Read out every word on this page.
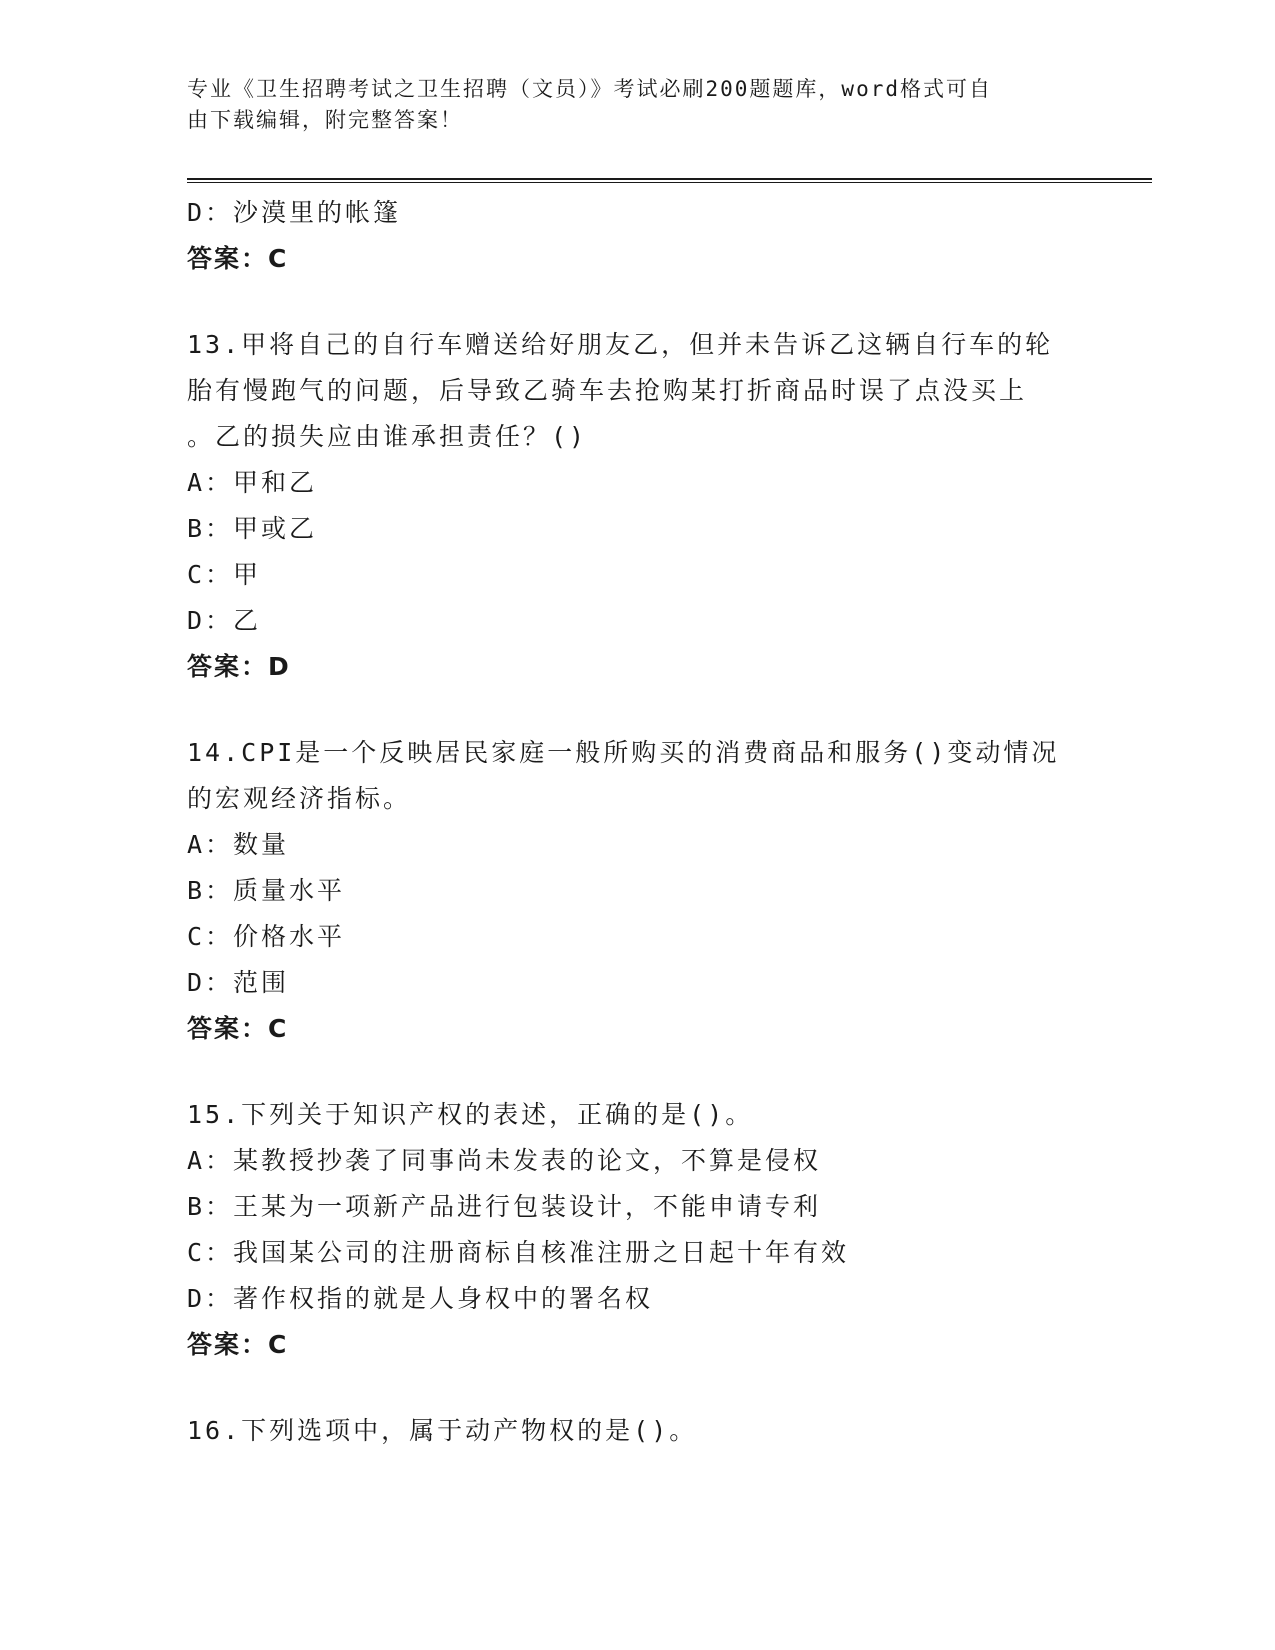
专业《卫生招聘考试之卫生招聘（文员）》考试必刷200题题库，word格式可自
由下载编辑，附完整答案！
D：沙漠里的帐篷
答案：C
13.甲将自己的自行车赠送给好朋友乙，但并未告诉乙这辆自行车的轮
胎有慢跑气的问题，后导致乙骑车去抢购某打折商品时误了点没买上
。乙的损失应由谁承担责任？()
A：甲和乙
B：甲或乙
C：甲
D：乙
答案：D
14.CPI是一个反映居民家庭一般所购买的消费商品和服务()变动情况
的宏观经济指标。
A：数量
B：质量水平
C：价格水平
D：范围
答案：C
15.下列关于知识产权的表述，正确的是()。
A：某教授抄袭了同事尚未发表的论文，不算是侵权
B：王某为一项新产品进行包装设计，不能申请专利
C：我国某公司的注册商标自核准注册之日起十年有效
D：著作权指的就是人身权中的署名权
答案：C
16.下列选项中，属于动产物权的是()。
